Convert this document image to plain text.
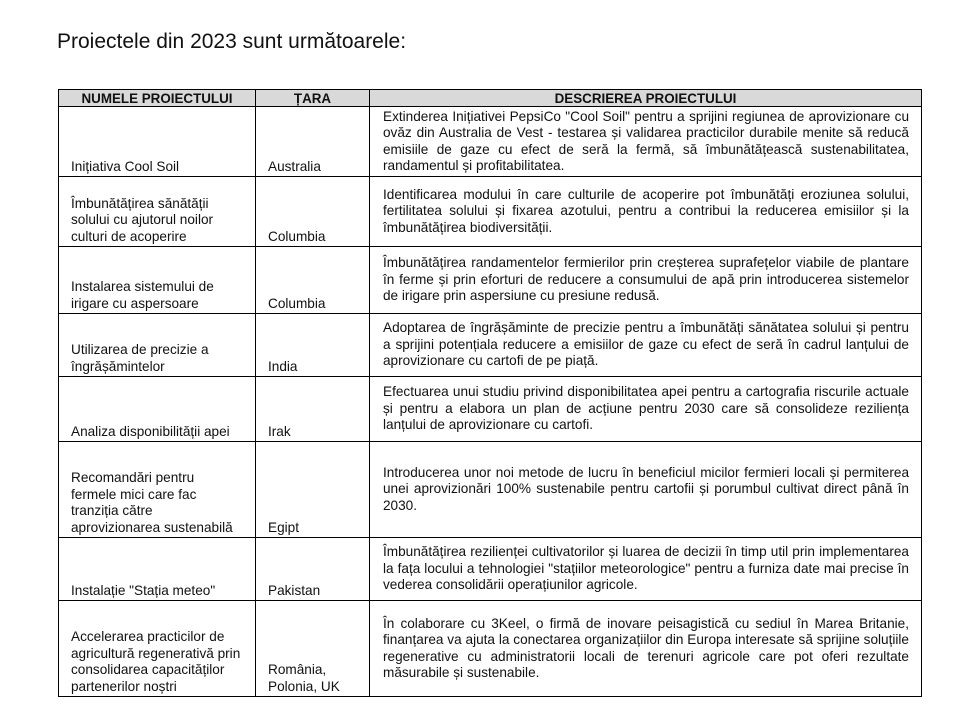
Proiectele din 2023 sunt următoarele:
NUMELE PROIECTULUI	ȚARA	DESCRIEREA PROIECTULUI
Inițiativa Cool Soil	Australia	Extinderea Inițiativei PepsiCo "Cool Soil" pentru a sprijini regiunea de aprovizionare cu ovăz din Australia de Vest - testarea și validarea practicilor durabile menite să reducă emisiile de gaze cu efect de seră la fermă, să îmbunătățească sustenabilitatea, randamentul și profitabilitatea.
Îmbunătățirea sănătății solului cu ajutorul noilor culturi de acoperire	Columbia	Identificarea modului în care culturile de acoperire pot îmbunătăți eroziunea solului, fertilitatea solului și fixarea azotului, pentru a contribui la reducerea emisiilor și la îmbunătățirea biodiversității.
Instalarea sistemului de irigare cu aspersoare	Columbia	Îmbunătățirea randamentelor fermierilor prin creșterea suprafețelor viabile de plantare în ferme și prin eforturi de reducere a consumului de apă prin introducerea sistemelor de irigare prin aspersiune cu presiune redusă.
Utilizarea de precizie a îngrășămintelor	India	Adoptarea de îngrășăminte de precizie pentru a îmbunătăți sănătatea solului și pentru a sprijini potențiala reducere a emisiilor de gaze cu efect de seră în cadrul lanțului de aprovizionare cu cartofi de pe piață.
Analiza disponibilității apei	Irak	Efectuarea unui studiu privind disponibilitatea apei pentru a cartografia riscurile actuale și pentru a elabora un plan de acțiune pentru 2030 care să consolideze reziliența lanțului de aprovizionare cu cartofi.
Recomandări pentru fermele mici care fac tranziția către aprovizionarea sustenabilă	Egipt	Introducerea unor noi metode de lucru în beneficiul micilor fermieri locali și permiterea unei aprovizionări 100% sustenabile pentru cartofii și porumbul cultivat direct până în 2030.
Instalație "Stația meteo"	Pakistan	Îmbunătățirea rezilienței cultivatorilor și luarea de decizii în timp util prin implementarea la fața locului a tehnologiei "stațiilor meteorologice" pentru a furniza date mai precise în vederea consolidării operațiunilor agricole.
Accelerarea practicilor de agricultură regenerativă prin consolidarea capacităților partenerilor noștri	România, Polonia, UK	În colaborare cu 3Keel, o firmă de inovare peisagistică cu sediul în Marea Britanie, finanțarea va ajuta la conectarea organizațiilor din Europa interesate să sprijine soluțiile regenerative cu administratorii locali de terenuri agricole care pot oferi rezultate măsurabile și sustenabile.
